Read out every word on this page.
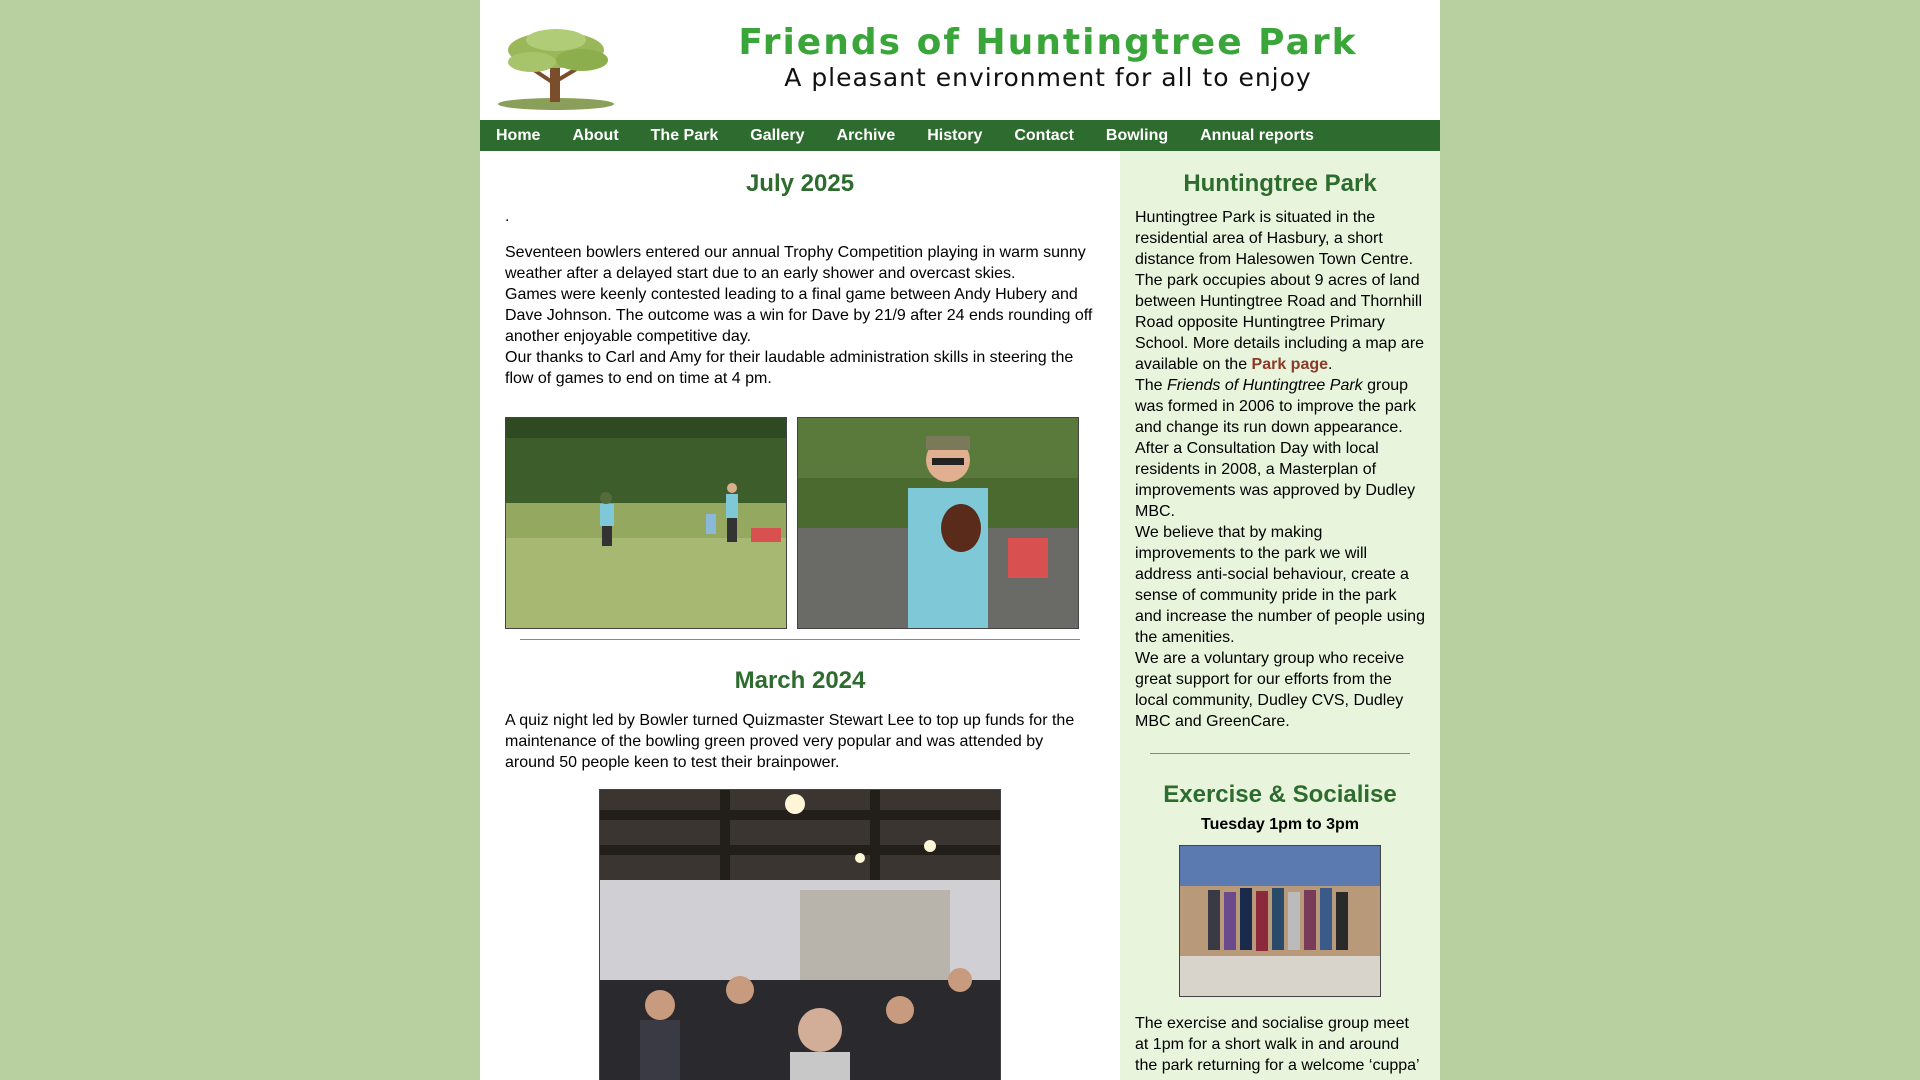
Friends of Huntingtree Park
A pleasant environment for all to enjoy
Home About The Park Gallery Archive History Contact Bowling Annual reports
July 2025

.

Seventeen bowlers entered our annual Trophy Competition playing in warm sunny weather after a delayed start due to an early shower and overcast skies.

Games were keenly contested leading to a final game between Andy Hubery and Dave Johnson. The outcome was a win for Dave by 21/9 after 24 ends rounding off another enjoyable competitive day.

Our thanks to Carl and Amy for their laudable administration skills in steering the flow of games to end on time at 4 pm.

March 2024

A quiz night led by Bowler turned Quizmaster Stewart Lee to top up funds for the maintenance of the bowling green proved very popular and was attended by around 50 people keen to test their brainpower.

Huntingtree Park

Huntingtree Park is situated in the residential area of Hasbury, a short distance from Halesowen Town Centre. The park occupies about 9 acres of land between Huntingtree Road and Thornhill Road opposite Huntingtree Primary School. More details including a map are available on the Park page.

The Friends of Huntingtree Park group was formed in 2006 to improve the park and change its run down appearance. After a Consultation Day with local residents in 2008, a Masterplan of improvements was approved by Dudley MBC.

We believe that by making improvements to the park we will address anti-social behaviour, create a sense of community pride in the park and increase the number of people using the amenities.

We are a voluntary group who receive great support for our efforts from the local community, Dudley CVS, Dudley MBC and GreenCare.

Exercise & Socialise

Tuesday 1pm to 3pm

The exercise and socialise group meet at 1pm for a short walk in and around the park returning for a welcome ‘cuppa’
